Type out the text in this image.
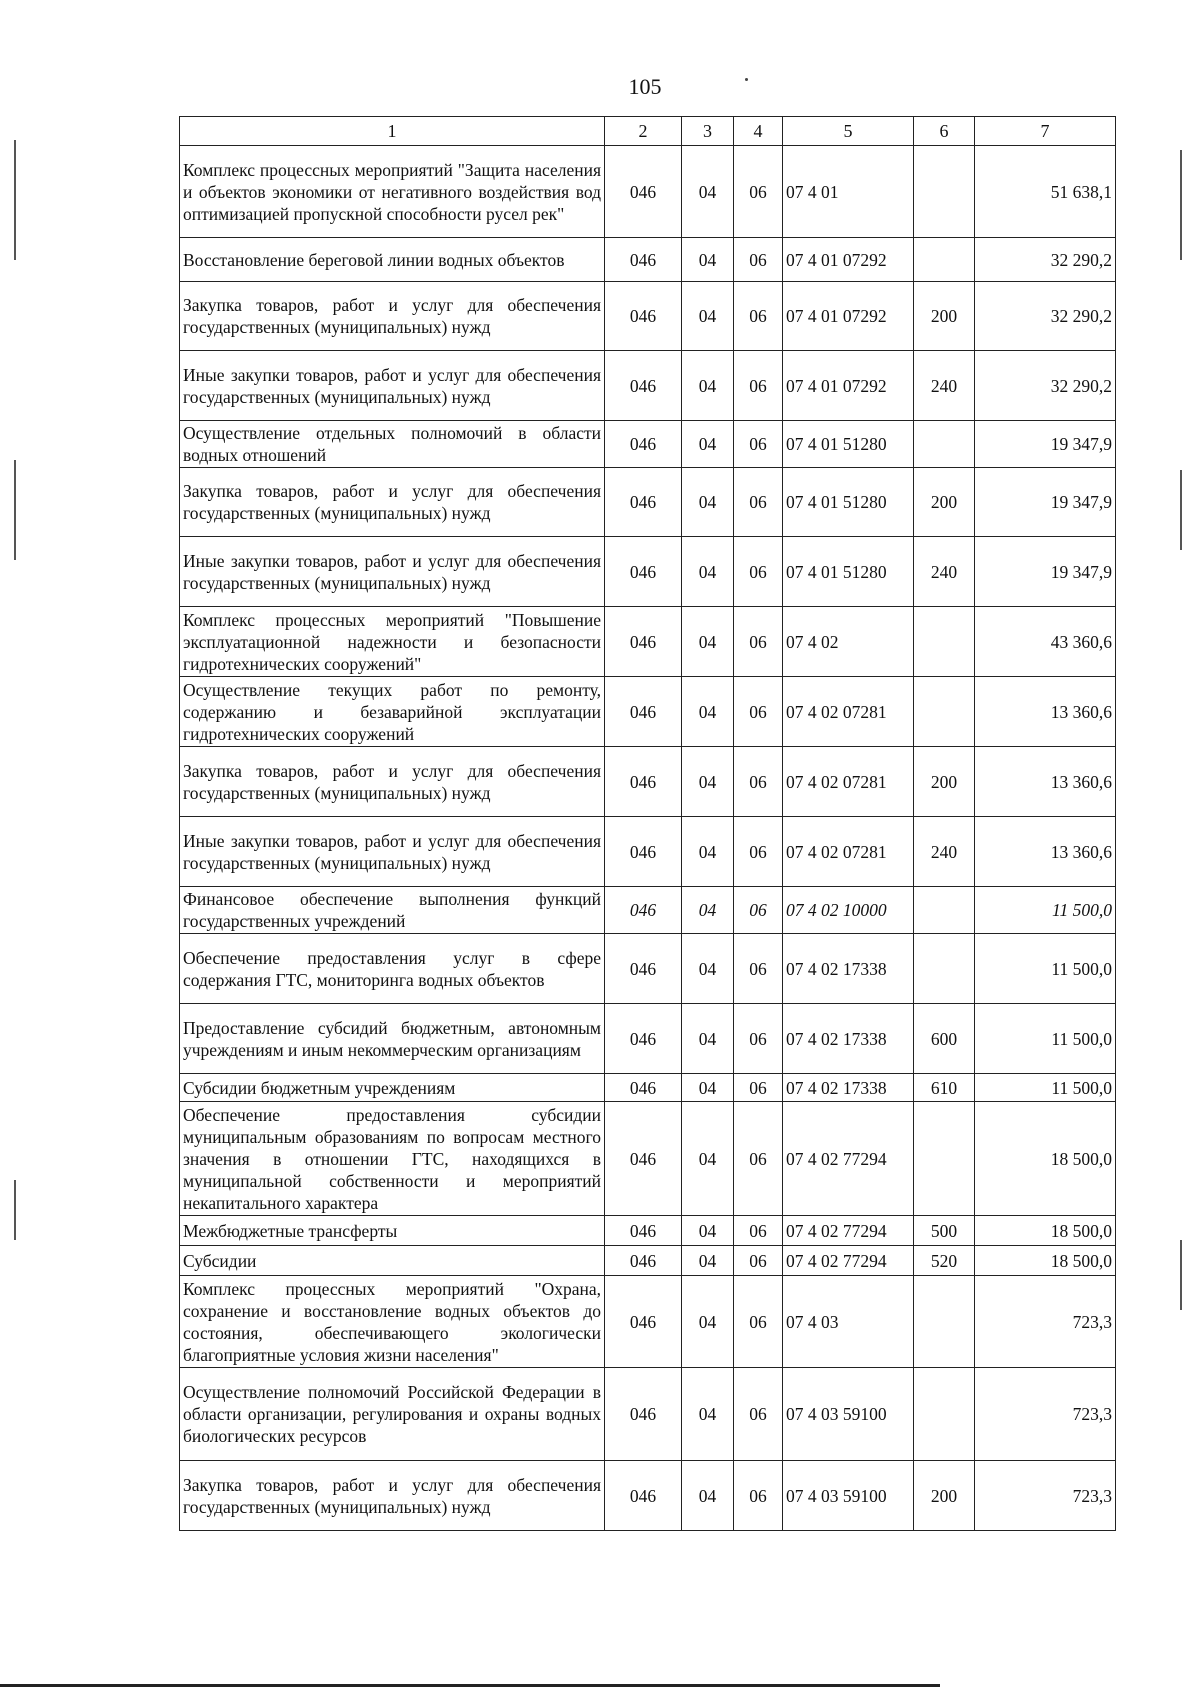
105
1	2	3	4	5	6	7
Комплекс процессных мероприятий "Защита населения и объектов экономики от негативного воздействия вод оптимизацией пропускной способности русел рек"	046	04	06	07 4 01		51 638,1
Восстановление береговой линии водных объектов	046	04	06	07 4 01 07292		32 290,2
Закупка товаров, работ и услуг для обеспечения государственных (муниципальных) нужд	046	04	06	07 4 01 07292	200	32 290,2
Иные закупки товаров, работ и услуг для обеспечения государственных (муниципальных) нужд	046	04	06	07 4 01 07292	240	32 290,2
Осуществление отдельных полномочий в области водных отношений	046	04	06	07 4 01 51280		19 347,9
Закупка товаров, работ и услуг для обеспечения государственных (муниципальных) нужд	046	04	06	07 4 01 51280	200	19 347,9
Иные закупки товаров, работ и услуг для обеспечения государственных (муниципальных) нужд	046	04	06	07 4 01 51280	240	19 347,9
Комплекс процессных мероприятий "Повышение эксплуатационной надежности и безопасности гидротехнических сооружений"	046	04	06	07 4 02		43 360,6
Осуществление текущих работ по ремонту, содержанию и безаварийной эксплуатации гидротехнических сооружений	046	04	06	07 4 02 07281		13 360,6
Закупка товаров, работ и услуг для обеспечения государственных (муниципальных) нужд	046	04	06	07 4 02 07281	200	13 360,6
Иные закупки товаров, работ и услуг для обеспечения государственных (муниципальных) нужд	046	04	06	07 4 02 07281	240	13 360,6
Финансовое обеспечение выполнения функций государственных учреждений	046	04	06	07 4 02 10000		11 500,0
Обеспечение предоставления услуг в сфере содержания ГТС, мониторинга водных объектов	046	04	06	07 4 02 17338		11 500,0
Предоставление субсидий бюджетным, автономным учреждениям и иным некоммерческим организациям	046	04	06	07 4 02 17338	600	11 500,0
Субсидии бюджетным учреждениям	046	04	06	07 4 02 17338	610	11 500,0
Обеспечение предоставления субсидии муниципальным образованиям по вопросам местного значения в отношении ГТС, находящихся в муниципальной собственности и мероприятий некапитального характера	046	04	06	07 4 02 77294		18 500,0
Межбюджетные трансферты	046	04	06	07 4 02 77294	500	18 500,0
Субсидии	046	04	06	07 4 02 77294	520	18 500,0
Комплекс процессных мероприятий "Охрана, сохранение и восстановление водных объектов до состояния, обеспечивающего экологически благоприятные условия жизни населения"	046	04	06	07 4 03		723,3
Осуществление полномочий Российской Федерации в области организации, регулирования и охраны водных биологических ресурсов	046	04	06	07 4 03 59100		723,3
Закупка товаров, работ и услуг для обеспечения государственных (муниципальных) нужд	046	04	06	07 4 03 59100	200	723,3
